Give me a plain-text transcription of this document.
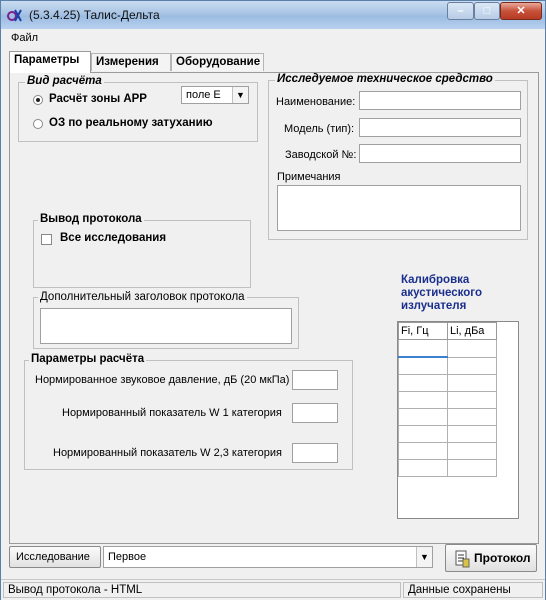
(5.3.4.25) Талис-Дельта	–	□	✕
Файл
Параметры	Измерения	Оборудование
Вид расчёта
Расчёт зоны АРР
ОЗ по реальному затуханию
поле Е	▼
Исследуемое техническое средство
Наименование:
Модель (тип):
Заводской №:
Примечания
Вывод протокола
Все исследования
Дополнительный заголовок протокола
Параметры расчёта
Нормированное звуковое давление, дБ (20 мкПа)
Нормированный показатель W 1 категория
Нормированный показатель W 2,3 категория
Калибровка
акустического
излучателя
Fi, Гц	Li, дБа

Исследование Первое	▼	Протокол
Вывод протокола - HTML	Данные сохранены
